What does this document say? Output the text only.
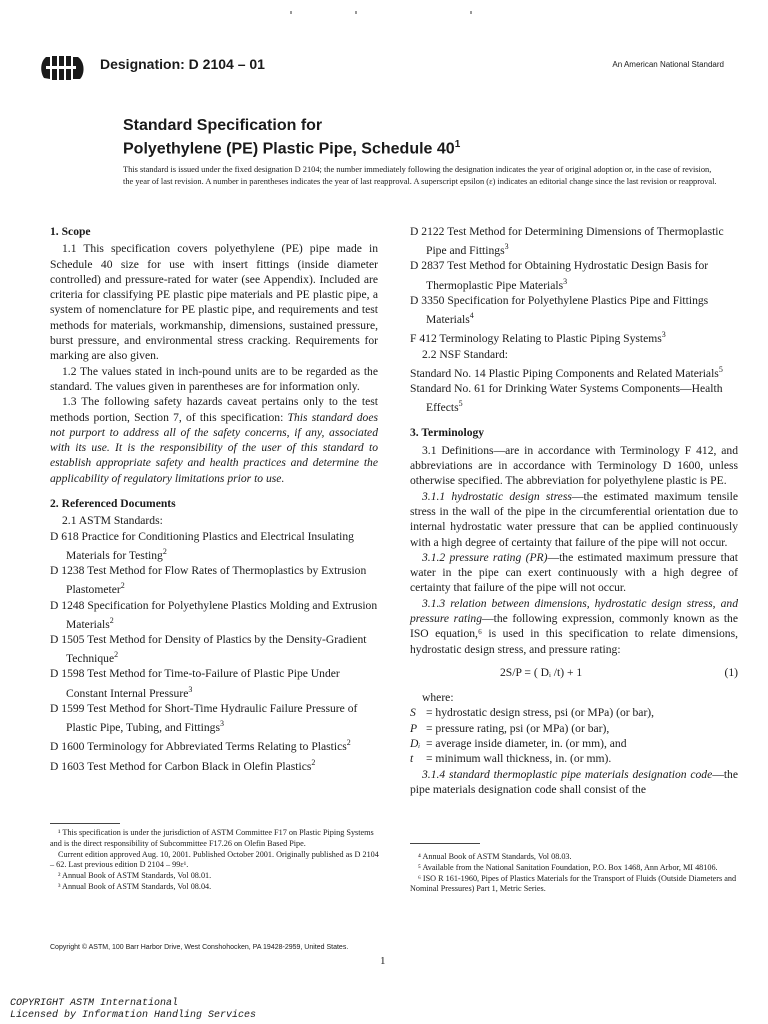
Designation: D 2104 – 01	An American National Standard
Standard Specification for
Polyethylene (PE) Plastic Pipe, Schedule $40^1$
This standard is issued under the fixed designation D 2104; the number immediately following the designation indicates the year of original adoption or, in the case of revision, the year of last revision. A number in parentheses indicates the year of last reapproval. A superscript epsilon (ε) indicates an editorial change since the last revision or reapproval.
1. Scope

1.1 This specification covers polyethylene (PE) pipe made in Schedule 40 size for use with insert fittings (inside diameter controlled) and pressure-rated for water (see Appendix). Included are criteria for classifying PE plastic pipe materials and PE plastic pipe, a system of nomenclature for PE plastic pipe, and requirements and test methods for materials, workmanship, dimensions, sustained pressure, burst pressure, and environmental stress cracking. Requirements for marking are also given.

1.2 The values stated in inch-pound units are to be regarded as the standard. The values given in parentheses are for information only.

1.3 The following safety hazards caveat pertains only to the test methods portion, Section 7, of this specification: This standard does not purport to address all of the safety concerns, if any, associated with its use. It is the responsibility of the user of this standard to establish appropriate safety and health practices and determine the applicability of regulatory limitations prior to use.

2. Referenced Documents

2.1 ASTM Standards:

D 618 Practice for Conditioning Plastics and Electrical Insulating Materials for Testing$^2$

D 1238 Test Method for Flow Rates of Thermoplastics by Extrusion Plastometer$^2$

D 1248 Specification for Polyethylene Plastics Molding and Extrusion Materials$^2$

D 1505 Test Method for Density of Plastics by the Density-Gradient Technique$^2$

D 1598 Test Method for Time-to-Failure of Plastic Pipe Under Constant Internal Pressure$^3$

D 1599 Test Method for Short-Time Hydraulic Failure Pressure of Plastic Pipe, Tubing, and Fittings$^3$

D 1600 Terminology for Abbreviated Terms Relating to Plastics$^2$

D 1603 Test Method for Carbon Black in Olefin Plastics$^2$

D 2122 Test Method for Determining Dimensions of Thermoplastic Pipe and Fittings$^3$

D 2837 Test Method for Obtaining Hydrostatic Design Basis for Thermoplastic Pipe Materials$^3$

D 3350 Specification for Polyethylene Plastics Pipe and Fittings Materials$^4$

F 412 Terminology Relating to Plastic Piping Systems$^3$

2.2 NSF Standard:

Standard No. 14 Plastic Piping Components and Related Materials$^5$

Standard No. 61 for Drinking Water Systems Components—Health Effects$^5$

3. Terminology

3.1 Definitions—are in accordance with Terminology F 412, and abbreviations are in accordance with Terminology D 1600, unless otherwise specified. The abbreviation for polyethylene plastic is PE.

3.1.1 hydrostatic design stress—the estimated maximum tensile stress in the wall of the pipe in the circumferential orientation due to internal hydrostatic water pressure that can be applied continuously with a high degree of certainty that failure of the pipe will not occur.

3.1.2 pressure rating (PR)—the estimated maximum pressure that water in the pipe can exert continuously with a high degree of certainty that failure of the pipe will not occur.

3.1.3 relation between dimensions, hydrostatic design stress, and pressure rating—the following expression, commonly known as the ISO equation,⁶ is used in this specification to relate dimensions, hydrostatic design stress, and pressure rating:

2S/P = ( Dᵢ /t) + 1	(1)
where:
S = hydrostatic design stress, psi (or MPa) (or bar),
P = pressure rating, psi (or MPa) (or bar),
Dᵢ = average inside diameter, in. (or mm), and
t	= minimum wall thickness, in. (or mm).

3.1.4 standard thermoplastic pipe materials designation code—the pipe materials designation code shall consist of the

¹ This specification is under the jurisdiction of ASTM Committee F17 on Plastic Piping Systems and is the direct responsibility of Subcommittee F17.26 on Olefin Based Pipe.

Current edition approved Aug. 10, 2001. Published October 2001. Originally published as D 2104 – 62. Last previous edition D 2104 – 99ε¹.

² Annual Book of ASTM Standards, Vol 08.01.

³ Annual Book of ASTM Standards, Vol 08.04.

⁴ Annual Book of ASTM Standards, Vol 08.03.

⁵ Available from the National Sanitation Foundation, P.O. Box 1468, Ann Arbor, MI 48106.

⁶ ISO R 161-1960, Pipes of Plastics Materials for the Transport of Fluids (Outside Diameters and Nominal Pressures) Part 1, Metric Series.

Copyright © ASTM, 100 Barr Harbor Drive, West Conshohocken, PA 19428-2959, United States.
1
COPYRIGHT ASTM International
Licensed by Information Handling Services
